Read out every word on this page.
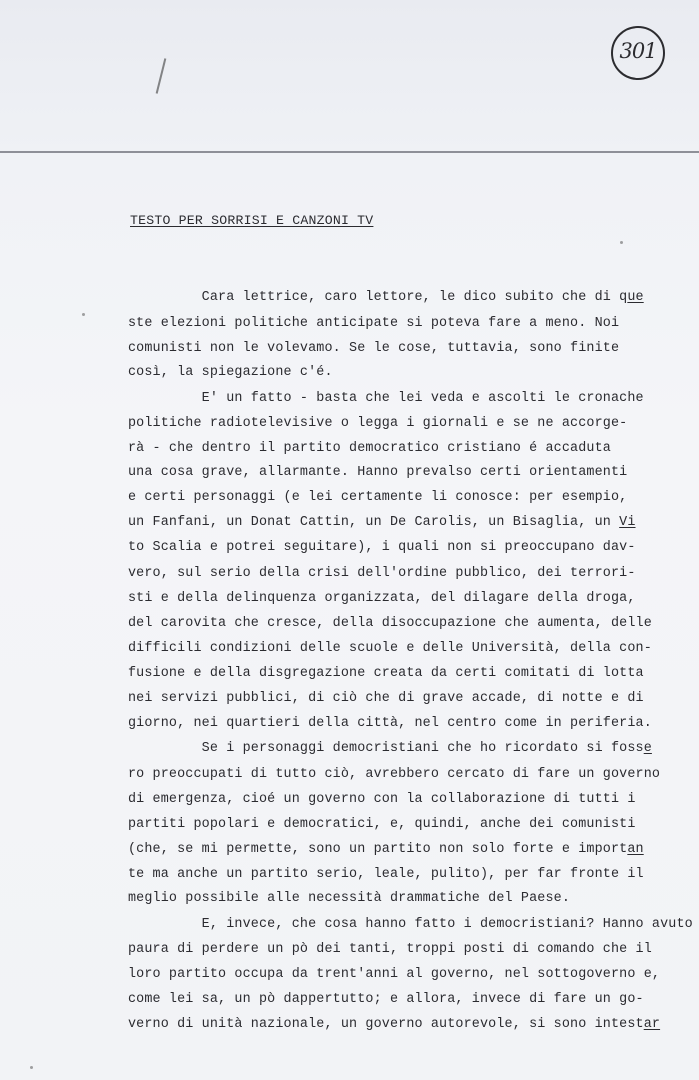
301
TESTO PER SORRISI E CANZONI TV
Cara lettrice, caro lettore, le dico subito che di que
ste elezioni politiche anticipate si poteva fare a meno. Noi
comunisti non le volevamo. Se le cose, tuttavia, sono finite
così, la spiegazione c'é.
E' un fatto - basta che lei veda e ascolti le cronache
politiche radiotelevisive o legga i giornali e se ne accorge-
rà - che dentro il partito democratico cristiano é accaduta
una cosa grave, allarmante. Hanno prevalso certi orientamenti
e certi personaggi (e lei certamente li conosce: per esempio,
un Fanfani, un Donat Cattin, un De Carolis, un Bisaglia, un Vi
to Scalia e potrei seguitare), i quali non si preoccupano dav-
vero, sul serio della crisi dell'ordine pubblico, dei terrori-
sti e della delinquenza organizzata, del dilagare della droga,
del carovita che cresce, della disoccupazione che aumenta, delle
difficili condizioni delle scuole e delle Università, della con-
fusione e della disgregazione creata da certi comitati di lotta
nei servizi pubblici, di ciò che di grave accade, di notte e di
giorno, nei quartieri della città, nel centro come in periferia.
Se i personaggi democristiani che ho ricordato si fosse
ro preoccupati di tutto ciò, avrebbero cercato di fare un governo
di emergenza, cioé un governo con la collaborazione di tutti i
partiti popolari e democratici, e, quindi, anche dei comunisti
(che, se mi permette, sono un partito non solo forte e importan
te ma anche un partito serio, leale, pulito), per far fronte il
meglio possibile alle necessità drammatiche del Paese.
E, invece, che cosa hanno fatto i democristiani? Hanno avuto
paura di perdere un pò dei tanti, troppi posti di comando che il
loro partito occupa da trent'anni al governo, nel sottogoverno e,
come lei sa, un pò dappertutto; e allora, invece di fare un go-
verno di unità nazionale, un governo autorevole, si sono intestar
